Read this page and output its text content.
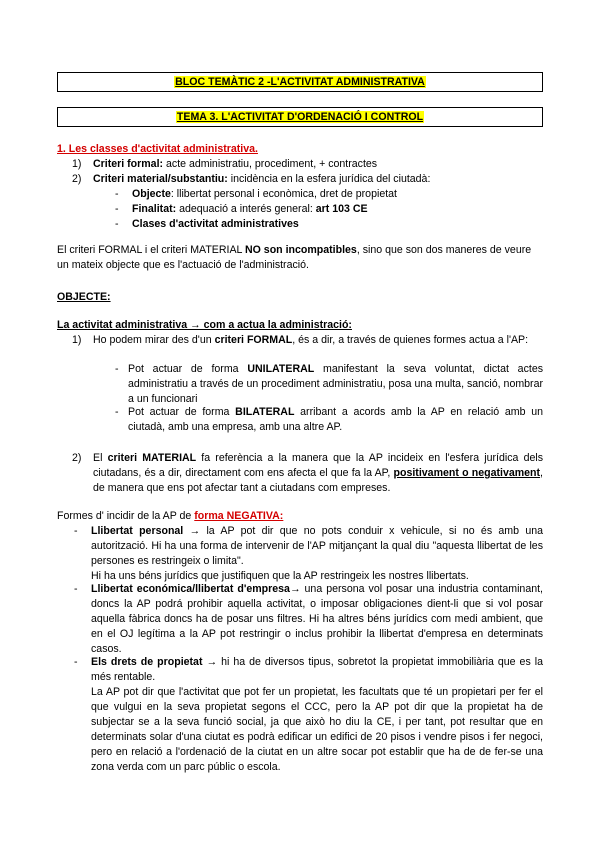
BLOC TEMÀTIC 2 -L'ACTIVITAT ADMINISTRATIVA
TEMA 3. L'ACTIVITAT D'ORDENACIÓ I CONTROL
1. Les classes d'activitat administrativa.
1) Criteri formal: acte administratiu, procediment, + contractes
2) Criteri material/substantiu: incidència en la esfera jurídica del ciutadà:
- Objecte: llibertat personal i econòmica, dret de propietat
- Finalitat: adequació a interés general: art 103 CE
- Clases d'activitat administratives
El criteri FORMAL i el criteri MATERIAL NO son incompatibles, sino que son dos maneres de veure un mateix objecte que es l'actuació de l'administració.
OBJECTE:
La activitat administrativa → com a actua la administració:
1) Ho podem mirar des d'un criteri FORMAL, és a dir, a través de quienes formes actua a l'AP:
- Pot actuar de forma UNILATERAL manifestant la seva voluntat, dictat actes administratiu a través de un procediment administratiu, posa una multa, sanció, nombrar a un funcionari
- Pot actuar de forma BILATERAL arribant a acords amb la AP en relació amb un ciutadà, amb una empresa, amb una altre AP.
2) El criteri MATERIAL fa referència a la manera que la AP incideix en l'esfera jurídica dels ciutadans, és a dir, directament com ens afecta el que fa la AP, positivament o negativament, de manera que ens pot afectar tant a ciutadans com empreses.
Formes d' incidir de la AP de forma NEGATIVA:
- Llibertat personal → la AP pot dir que no pots conduir x vehicule, si no és amb una autorització. Hi ha una forma de intervenir de l'AP mitjançant la qual diu "aquesta llibertat de les persones es restringeix o limita".
Hi ha uns béns jurídics que justifiquen que la AP restringeix les nostres llibertats.
- Llibertat económica/llibertat d'empresa→ una persona vol posar una industria contaminant, doncs la AP podrá prohibir aquella activitat, o imposar obligaciones dient-li que si vol posar aquella fàbrica doncs ha de posar uns filtres. Hi ha altres béns jurídics com medi ambient, que en el OJ legítima a la AP pot restringir o inclus prohibir la llibertat d'empresa en determinats casos.
- Els drets de propietat → hi ha de diversos tipus, sobretot la propietat immobiliària que es la més rentable.
La AP pot dir que l'activitat que pot fer un propietat, les facultats que té un propietari per fer el que vulgui en la seva propietat segons el CCC, pero la AP pot dir que la propietat ha de subjectar se a la seva funció social, ja que això ho diu la CE, i per tant, pot resultar que en determinats solar d'una ciutat es podrà edificar un edifici de 20 pisos i vendre pisos i fer negoci, pero en relació a l'ordenació de la ciutat en un altre socar pot establir que ha de de fer-se una zona verda com un parc públic o escola.
